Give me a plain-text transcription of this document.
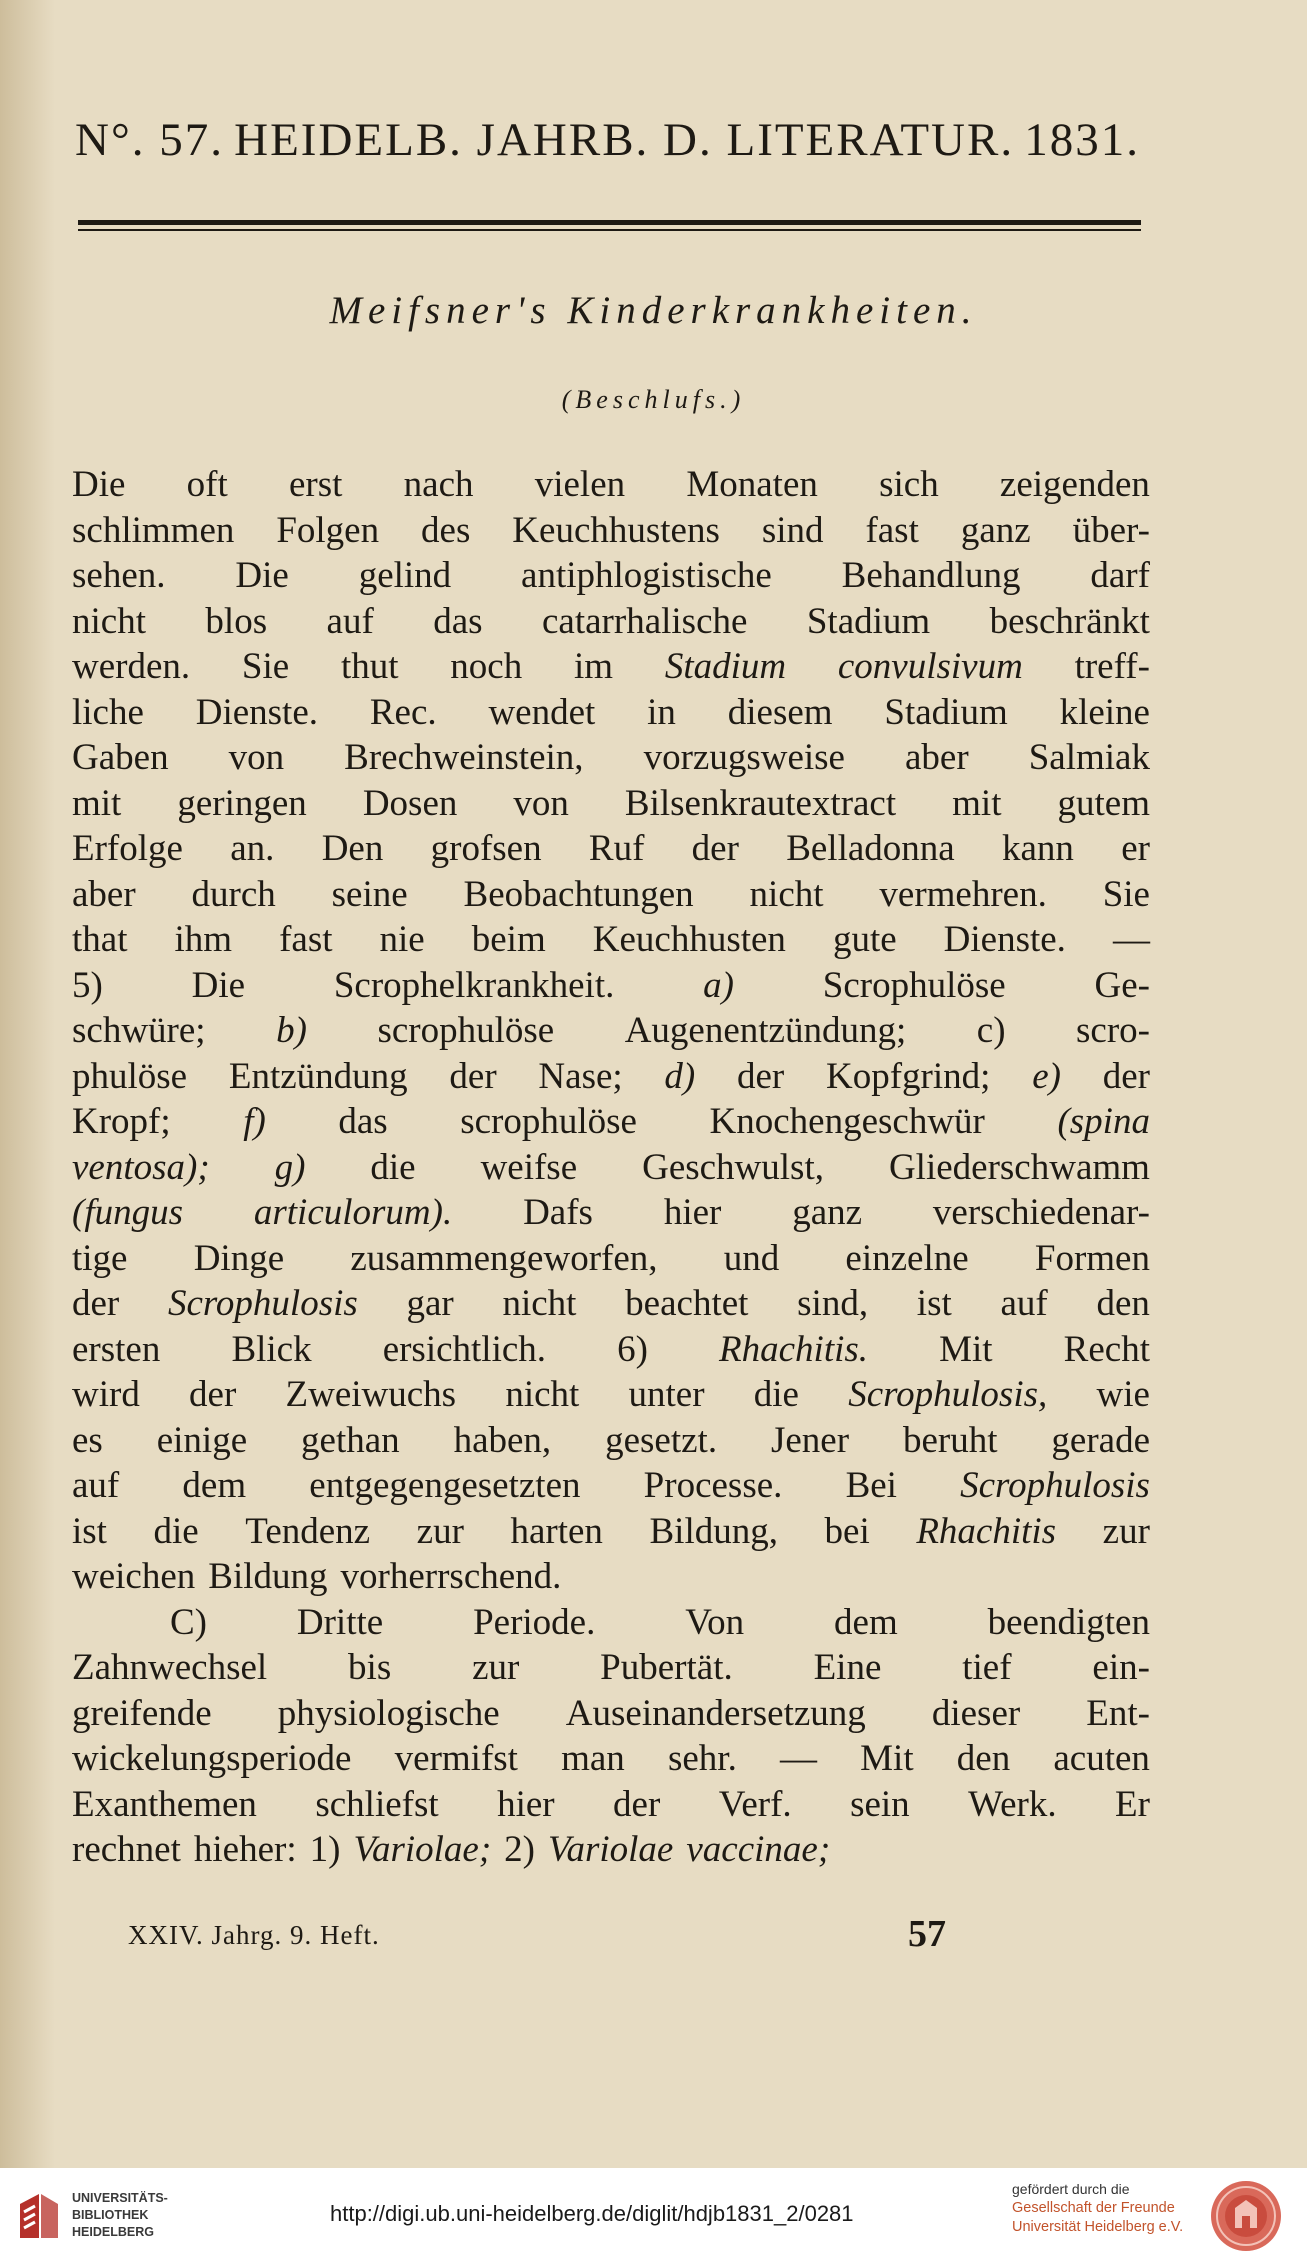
N°. 57. HEIDELB. JAHRB. D. LITERATUR. 1831.
Meifsner's Kinderkrankheiten.
(Beschlufs.)
Die oft erst nach vielen Monaten sich zeigenden
schlimmen Folgen des Keuchhustens sind fast ganz über-
sehen. Die gelind antiphlogistische Behandlung darf
nicht blos auf das catarrhalische Stadium beschränkt
werden. Sie thut noch im Stadium convulsivum treff-
liche Dienste. Rec. wendet in diesem Stadium kleine
Gaben von Brechweinstein, vorzugsweise aber Salmiak
mit geringen Dosen von Bilsenkrautextract mit gutem
Erfolge an. Den grofsen Ruf der Belladonna kann er
aber durch seine Beobachtungen nicht vermehren. Sie
that ihm fast nie beim Keuchhusten gute Dienste. —
5) Die Scrophelkrankheit. a) Scrophulöse Ge-
schwüre; b) scrophulöse Augenentzündung; c) scro-
phulöse Entzündung der Nase; d) der Kopfgrind; e) der
Kropf; f) das scrophulöse Knochengeschwür (spina
ventosa); g) die weifse Geschwulst, Gliederschwamm
(fungus articulorum). Dafs hier ganz verschiedenar-
tige Dinge zusammengeworfen, und einzelne Formen
der Scrophulosis gar nicht beachtet sind, ist auf den
ersten Blick ersichtlich. 6) Rhachitis. Mit Recht
wird der Zweiwuchs nicht unter die Scrophulosis, wie
es einige gethan haben, gesetzt. Jener beruht gerade
auf dem entgegengesetzten Processe. Bei Scrophulosis
ist die Tendenz zur harten Bildung, bei Rhachitis zur
weichen Bildung vorherrschend.
C) Dritte Periode. Von dem beendigten
Zahnwechsel bis zur Pubertät. Eine tief ein-
greifende physiologische Auseinandersetzung dieser Ent-
wickelungsperiode vermifst man sehr. — Mit den acuten
Exanthemen schliefst hier der Verf. sein Werk. Er
rechnet hieher: 1) Variolae; 2) Variolae vaccinae;
XXIV. Jahrg. 9. Heft.	57
UNIVERSITÄTS-
BIBLIOTHEK
HEIDELBERG
http://digi.ub.uni-heidelberg.de/diglit/hdjb1831_2/0281
gefördert durch die
Gesellschaft der Freunde
Universität Heidelberg e.V.
